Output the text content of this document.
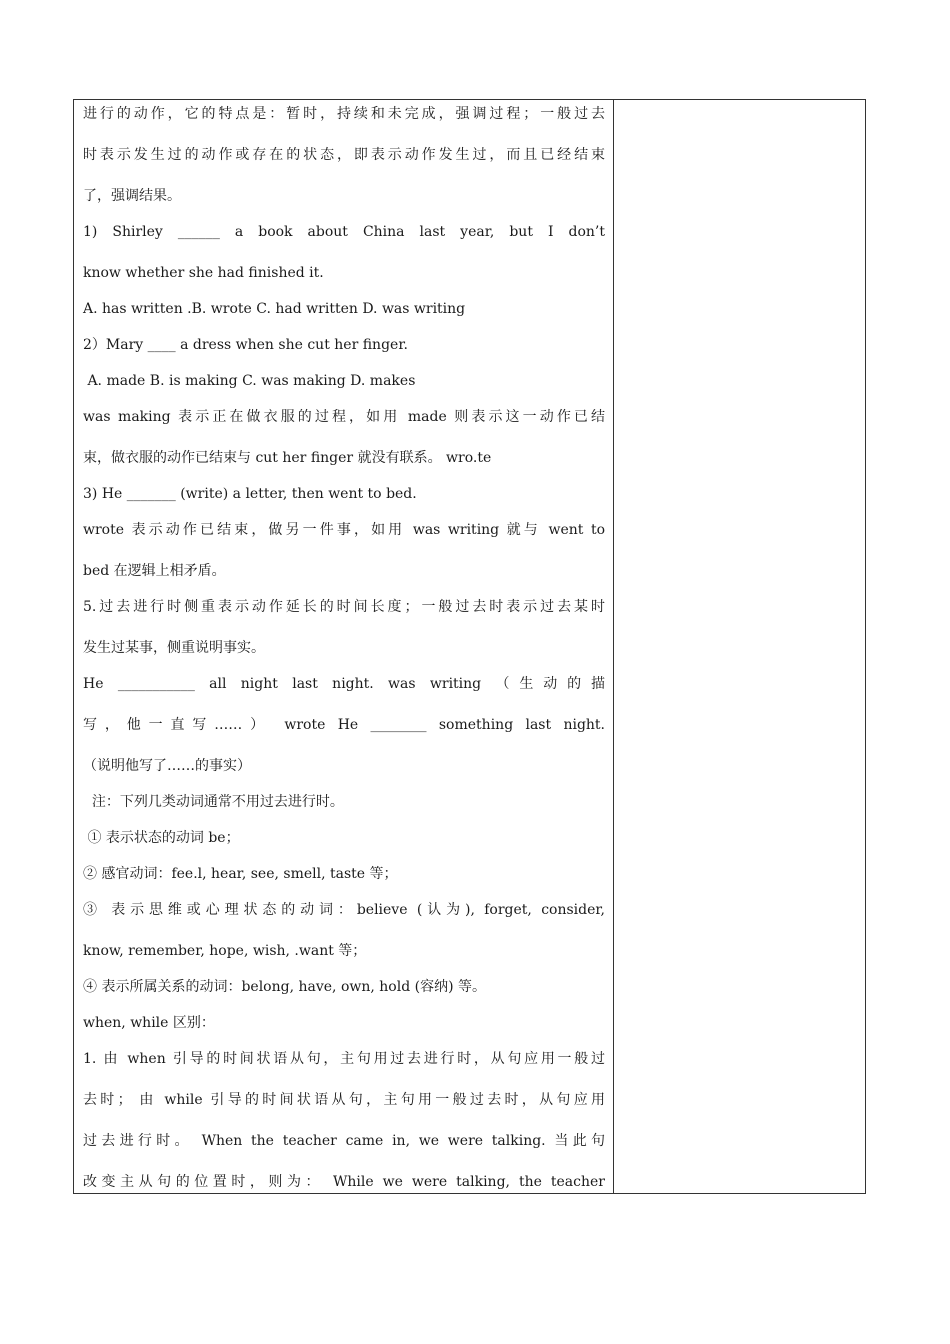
进行的动作，它的特点是：暂时，持续和未完成，强调过程；一般过去
时表示发生过的动作或存在的状态，即表示动作发生过，而且已经结束
了，强调结果。
1) Shirley ______ a book about China last year, but I don’t
know whether she had finished it.
A. has written .B. wrote C. had written D. was writing
2）Mary ____ a dress when she cut her finger.
A. made B. is making C. was making D. makes
was making 表示正在做衣服的过程，如用 made 则表示这一动作已结
束，做衣服的动作已结束与 cut her finger 就没有联系。 wro.te
3) He _______ (write) a letter, then went to bed.
wrote 表示动作已结束，做另一件事，如用 was writing 就与 went to
bed 在逻辑上相矛盾。
5.过去进行时侧重表示动作延长的时间长度；一般过去时表示过去某时
发生过某事，侧重说明事实。
He ___________ all night last night. was writing （生动的描
写，他一直写……） wrote He ________ something last night.
（说明他写了……的事实）
注：下列几类动词通常不用过去进行时。
① 表示状态的动词 be；
② 感官动词：fee.l, hear, see, smell, taste 等；
③ 表示思维或心理状态的动词：believe (认为), forget, consider,
know, remember, hope, wish, .want 等；
④ 表示所属关系的动词：belong, have, own, hold (容纳) 等。
when, while 区别：
1. 由 when 引导的时间状语从句，主句用过去进行时，从句应用一般过
去时； 由 while 引导的时间状语从句，主句用一般过去时，从句应用
过去进行时。 When the teacher came in, we were talking. 当此句
改变主从句的位置时，则为： While we were talking, the teacher
